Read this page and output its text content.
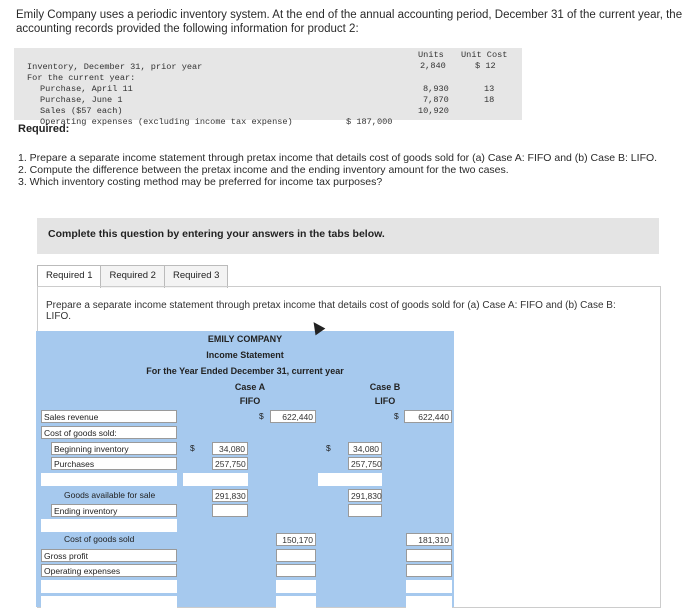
Emily Company uses a periodic inventory system. At the end of the annual accounting period, December 31 of the current year, the accounting records provided the following information for product 2:
Units Unit Cost
Inventory, December 31, prior year	2,840	$ 12
For the current year:
Purchase, April 11	8,930	13
Purchase, June 1	7,870	18
Sales ($57 each)	10,920
Operating expenses (excluding income tax expense)	$ 187,000
Required:
1. Prepare a separate income statement through pretax income that details cost of goods sold for (a) Case A: FIFO and (b) Case B: LIFO.
2. Compute the difference between the pretax income and the ending inventory amount for the two cases.
3. Which inventory costing method may be preferred for income tax purposes?
Complete this question by entering your answers in the tabs below.
Required 1	Required 2	Required 3
Prepare a separate income statement through pretax income that details cost of goods sold for (a) Case A: FIFO and (b) Case B: LIFO.
EMILY COMPANY
Income Statement
For the Year Ended December 31, current year
Case A
FIFO
Case B
LIFO
Sales revenue	$	622,440	$	622,440
Cost of goods sold:
Beginning inventory	$	34,080	$	34,080
Purchases	257,750	257,750
Goods available for sale	291,830	291,830
Ending inventory
Cost of goods sold	150,170	181,310
Gross profit
Operating expenses
